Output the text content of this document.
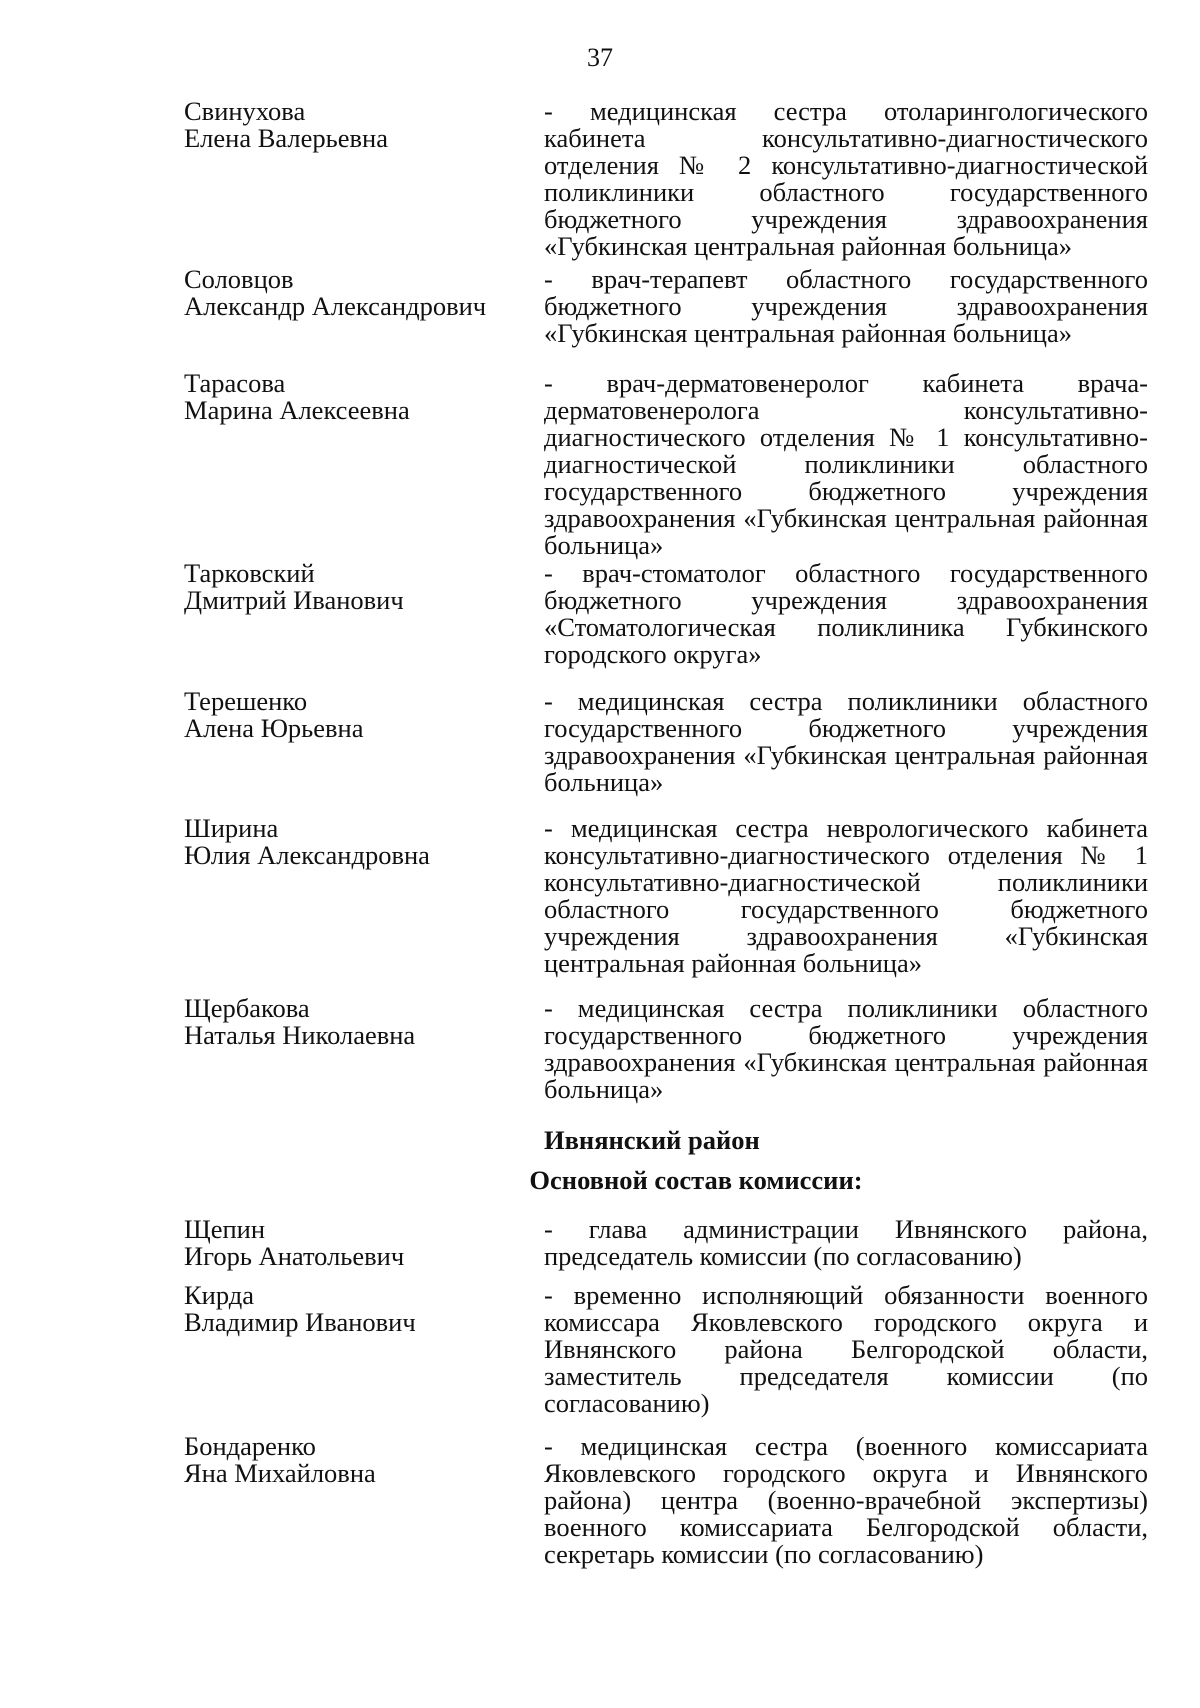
37
Свинухова
Елена Валерьевна
- медицинская сестра отоларингологического кабинета консультативно-диагностического отделения № 2 консультативно-диагностической поликлиники областного государственного бюджетного учреждения здравоохранения «Губкинская центральная районная больница»
Соловцов
Александр Александрович
- врач-терапевт областного государственного бюджетного учреждения здравоохранения «Губкинская центральная районная больница»
Тарасова
Марина Алексеевна
- врач-дерматовенеролог кабинета врача-дерматовенеролога консультативно-диагностического отделения № 1 консультативно-диагностической поликлиники областного государственного бюджетного учреждения здравоохранения «Губкинская центральная районная больница»
Тарковский
Дмитрий Иванович
- врач-стоматолог областного государственного бюджетного учреждения здравоохранения «Стоматологическая поликлиника Губкинского городского округа»
Терешенко
Алена Юрьевна
- медицинская сестра поликлиники областного государственного бюджетного учреждения здравоохранения «Губкинская центральная районная больница»
Ширина
Юлия Александровна
- медицинская сестра неврологического кабинета консультативно-диагностического отделения № 1 консультативно-диагностической поликлиники областного государственного бюджетного учреждения здравоохранения «Губкинская центральная районная больница»
Щербакова
Наталья Николаевна
- медицинская сестра поликлиники областного государственного бюджетного учреждения здравоохранения «Губкинская центральная районная больница»
Ивнянский район
Основной состав комиссии:
Щепин
Игорь Анатольевич
- глава администрации Ивнянского района, председатель комиссии (по согласованию)
Кирда
Владимир Иванович
- временно исполняющий обязанности военного комиссара Яковлевского городского округа и Ивнянского района Белгородской области, заместитель председателя комиссии (по согласованию)
Бондаренко
Яна Михайловна
- медицинская сестра (военного комиссариата Яковлевского городского округа и Ивнянского района) центра (военно-врачебной экспертизы) военного комиссариата Белгородской области, секретарь комиссии (по согласованию)
